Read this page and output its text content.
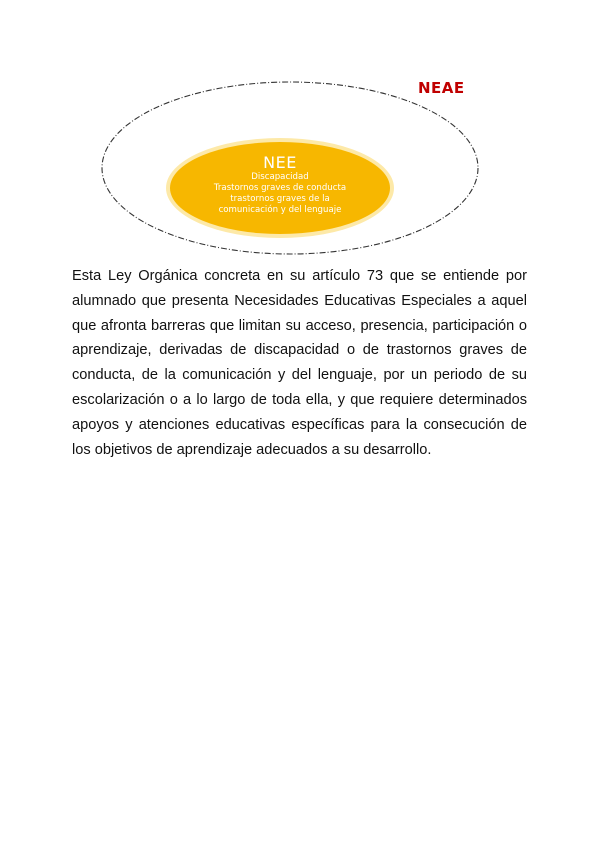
NEAE
NEE
Discapacidad
Trastornos graves de conducta
trastornos graves de la
comunicación y del lenguaje

Esta Ley Orgánica concreta en su artículo 73 que se entiende por alumnado que presenta Necesidades Educativas Especiales a aquel que afronta barreras que limitan su acceso, presencia, participación o aprendizaje, derivadas de discapacidad o de trastornos graves de conducta, de la comunicación y del lenguaje, por un periodo de su escolarización o a lo largo de toda ella, y que requiere determinados apoyos y atenciones educativas específicas para la consecución de los objetivos de aprendizaje adecuados a su desarrollo.
